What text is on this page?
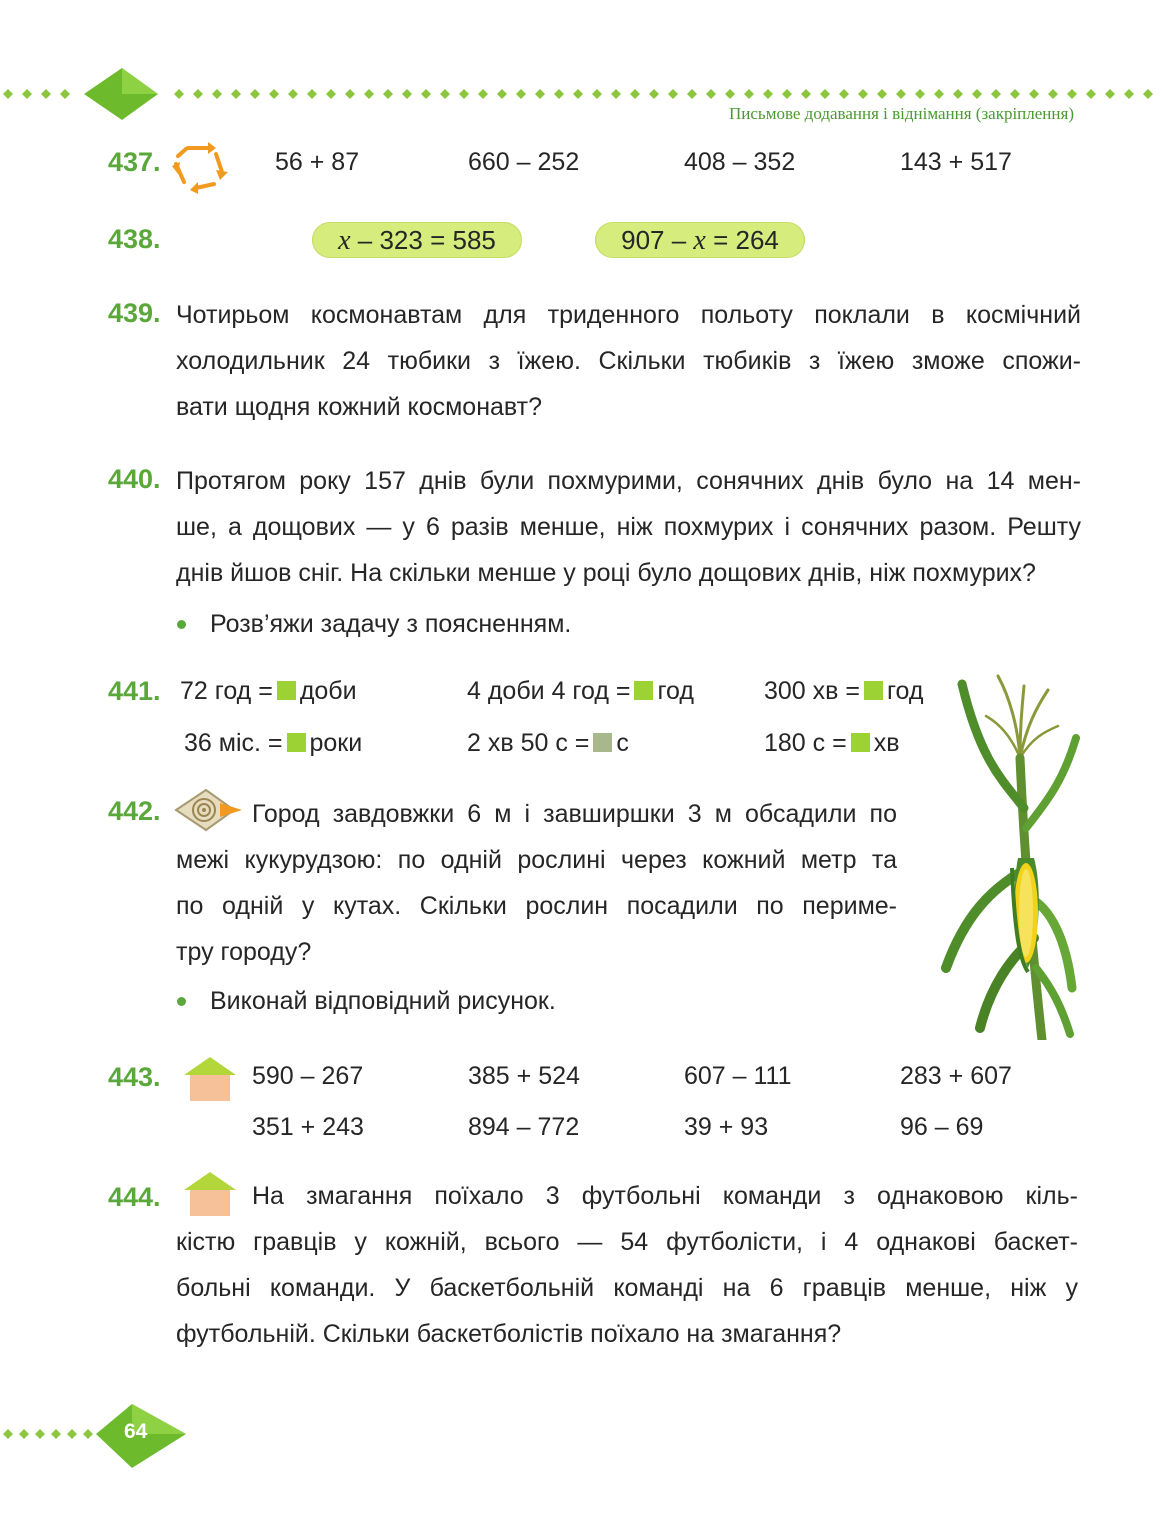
Письмове додавання і віднімання (закріплення)
437.	56 + 87	660 – 252	408 – 352	143 + 517
438.	x – 323 = 585	907 – x = 264
439. Чотирьом космонавтам для триденного польоту поклали в космічний
холодильник 24 тюбики з їжею. Скільки тюбиків з їжею зможе спожи-
вати щодня кожний космонавт?
440. Протягом року 157 днів були похмурими, сонячних днів було на 14 мен-
ше, а дощових — у 6 разів менше, ніж похмурих і сонячних разом. Решту
днів йшов сніг. На скільки менше у році було дощових днів, ніж похмурих?
Розв’яжи задачу з поясненням.
441. 72 год = доби	4 доби 4 год = год	300 хв = год
36 міс. = роки	2 хв 50 с = с	180 с = хв
442.	Город завдовжки 6 м і завширшки 3 м обсадили по
межі кукурудзою: по одній рослині через кожний метр та
по одній у кутах. Скільки рослин посадили по периме-
тру городу?
Виконай відповідний рисунок.
443.	590 – 267	385 + 524	607 – 111	283 + 607
351 + 243	894 – 772	39 + 93	96 – 69
444.	На змагання поїхало 3 футбольні команди з однаковою кіль-
кістю гравців у кожній, всього — 54 футболісти, і 4 однакові баскет-
больні команди. У баскетбольній команді на 6 гравців менше, ніж у
футбольній. Скільки баскетболістів поїхало на змагання?
64
